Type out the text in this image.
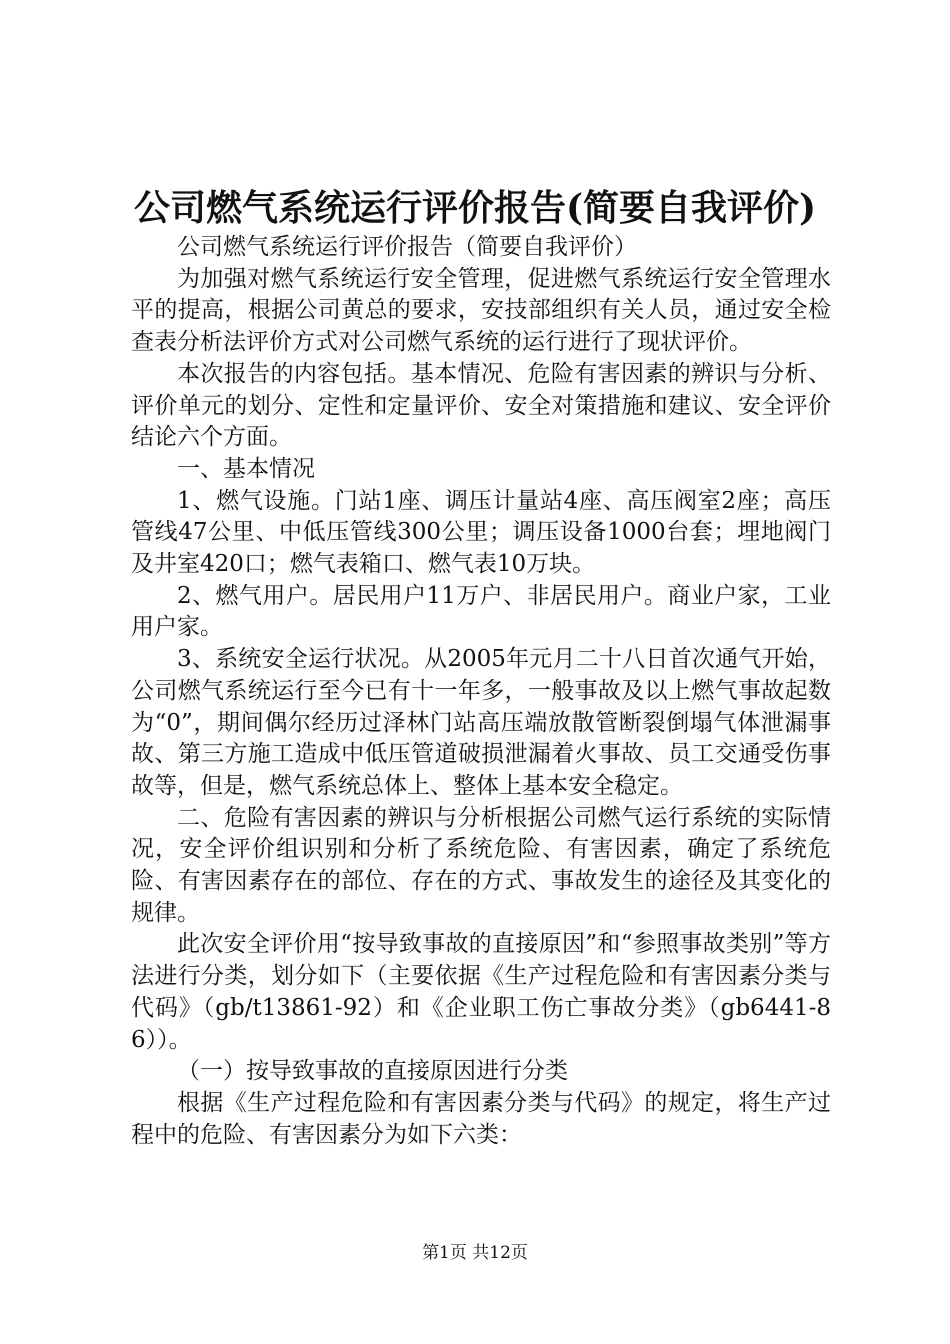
公司燃气系统运行评价报告(简要自我评价)

公司燃气系统运行评价报告（简要自我评价）

为加强对燃气系统运行安全管理，促进燃气系统运行安全管理水平的提高，根据公司黄总的要求，安技部组织有关人员，通过安全检查表分析法评价方式对公司燃气系统的运行进行了现状评价。

本次报告的内容包括。基本情况、危险有害因素的辨识与分析、评价单元的划分、定性和定量评价、安全对策措施和建议、安全评价结论六个方面。

一、基本情况

1、燃气设施。门站1座、调压计量站4座、高压阀室2座；高压管线47公里、中低压管线300公里；调压设备1000台套；埋地阀门及井室420口；燃气表箱口、燃气表10万块。

2、燃气用户。居民用户11万户、非居民用户。商业户家，工业用户家。

3、系统安全运行状况。从2005年元月二十八日首次通气开始，公司燃气系统运行至今已有十一年多，一般事故及以上燃气事故起数为“0”，期间偶尔经历过泽林门站高压端放散管断裂倒塌气体泄漏事故、第三方施工造成中低压管道破损泄漏着火事故、员工交通受伤事故等，但是，燃气系统总体上、整体上基本安全稳定。

二、危险有害因素的辨识与分析根据公司燃气运行系统的实际情况，安全评价组识别和分析了系统危险、有害因素，确定了系统危险、有害因素存在的部位、存在的方式、事故发生的途径及其变化的规律。

此次安全评价用“按导致事故的直接原因”和“参照事故类别”等方法进行分类，划分如下（主要依据《生产过程危险和有害因素分类与代码》（gb/t13861-92）和《企业职工伤亡事故分类》（gb6441-86））。

（一）按导致事故的直接原因进行分类

根据《生产过程危险和有害因素分类与代码》的规定，将生产过程中的危险、有害因素分为如下六类：

第1页 共12页
